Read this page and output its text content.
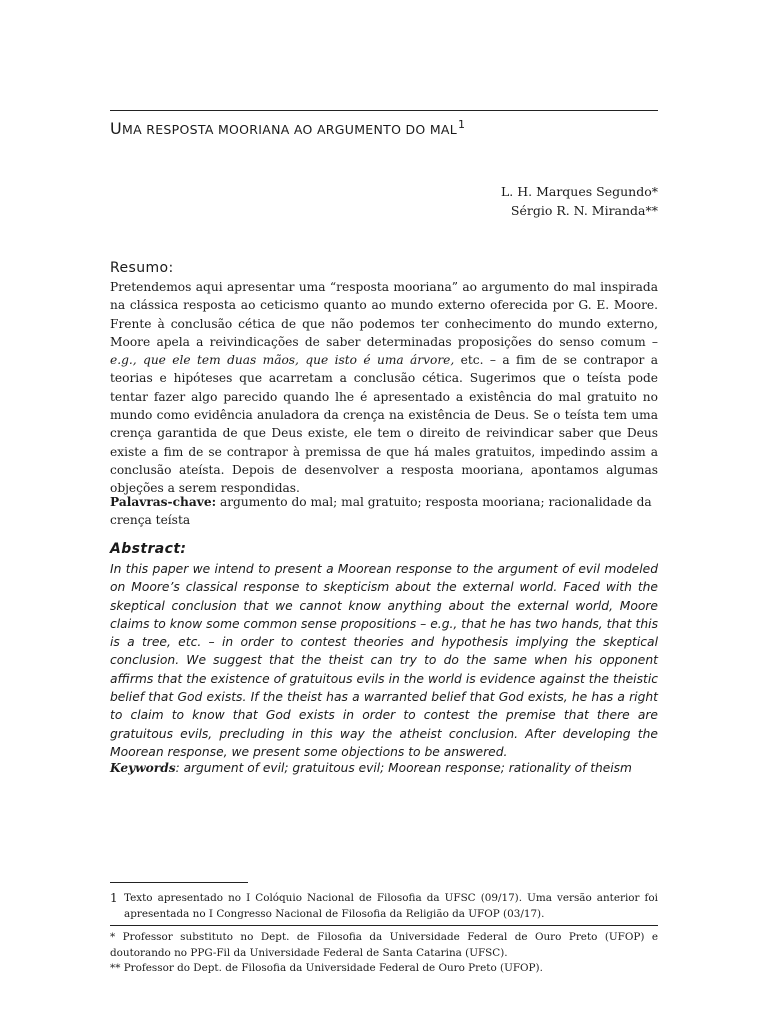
UMA RESPOSTA MOORIANA AO ARGUMENTO DO MAL$^1$
L. H. Marques Segundo*
Sérgio R. N. Miranda**
Resumo:
Pretendemos aqui apresentar uma “resposta mooriana” ao argumento do mal inspirada na clássica resposta ao ceticismo quanto ao mundo externo oferecida por G. E. Moore. Frente à conclusão cética de que não podemos ter conhecimento do mundo externo, Moore apela a reivindicações de saber determinadas proposições do senso comum – e.g., que ele tem duas mãos, que isto é uma árvore, etc. – a fim de se contrapor a teorias e hipóteses que acarretam a conclusão cética. Sugerimos que o teísta pode tentar fazer algo parecido quando lhe é apresentado a existência do mal gratuito no mundo como evidência anuladora da crença na existência de Deus. Se o teísta tem uma crença garantida de que Deus existe, ele tem o direito de reivindicar saber que Deus existe a fim de se contrapor à premissa de que há males gratuitos, impedindo assim a conclusão ateísta. Depois de desenvolver a resposta mooriana, apontamos algumas objeções a serem respondidas.
Palavras-chave: argumento do mal; mal gratuito; resposta mooriana; racionalidade da crença teísta
Abstract:
In this paper we intend to present a Moorean response to the argument of evil modeled on Moore’s classical response to skepticism about the external world. Faced with the skeptical conclusion that we cannot know anything about the external world, Moore claims to know some common sense propositions – e.g., that he has two hands, that this is a tree, etc. – in order to contest theories and hypothesis implying the skeptical conclusion. We suggest that the theist can try to do the same when his opponent affirms that the existence of gratuitous evils in the world is evidence against the theistic belief that God exists. If the theist has a warranted belief that God exists, he has a right to claim to know that God exists in order to contest the premise that there are gratuitous evils, precluding in this way the atheist conclusion. After developing the Moorean response, we present some objections to be answered.
Keywords: argument of evil; gratuitous evil; Moorean response; rationality of theism
1 Texto apresentado no I Colóquio Nacional de Filosofia da UFSC (09/17). Uma versão anterior foi apresentada no I Congresso Nacional de Filosofia da Religião da UFOP (03/17).
* Professor substituto no Dept. de Filosofia da Universidade Federal de Ouro Preto (UFOP) e doutorando no PPG-Fil da Universidade Federal de Santa Catarina (UFSC).
** Professor do Dept. de Filosofia da Universidade Federal de Ouro Preto (UFOP).
